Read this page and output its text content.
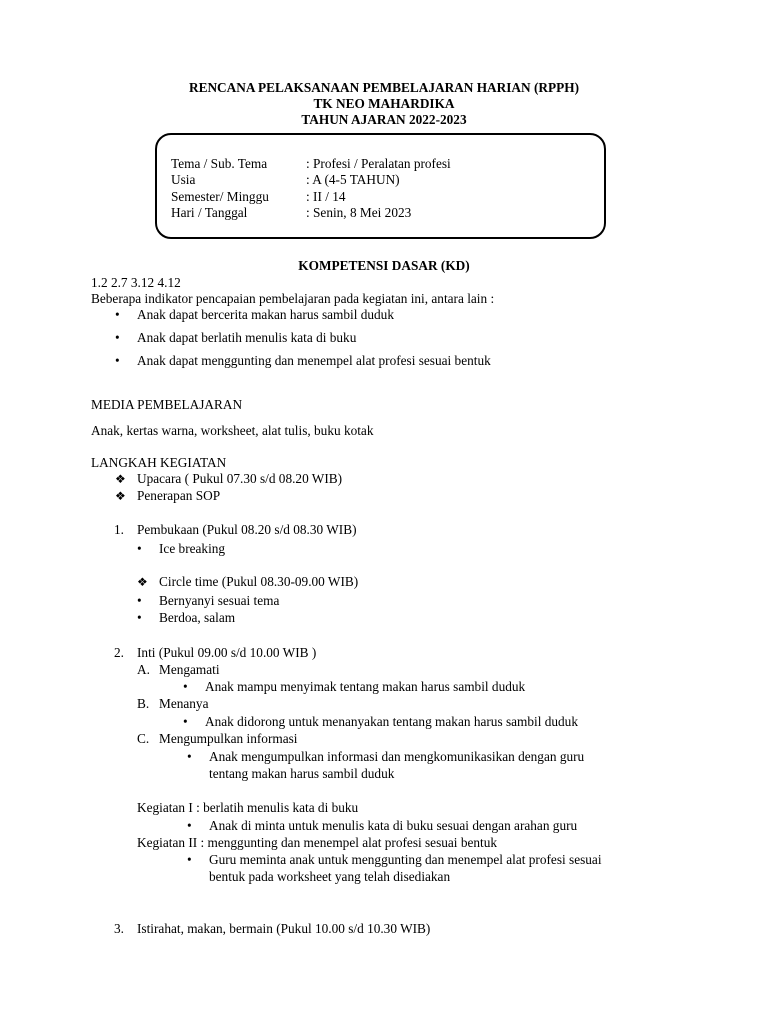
RENCANA PELAKSANAAN PEMBELAJARAN HARIAN (RPPH)
TK NEO MAHARDIKA
TAHUN AJARAN 2022-2023
Tema / Sub. Tema	: Profesi / Peralatan profesi
Usia	: A (4-5 TAHUN)
Semester/ Minggu	: II / 14
Hari / Tanggal	: Senin, 8 Mei 2023
KOMPETENSI DASAR (KD)
1.2 2.7 3.12 4.12
Beberapa indikator pencapaian pembelajaran pada kegiatan ini, antara lain :
• Anak dapat bercerita makan harus sambil duduk
• Anak dapat berlatih menulis kata di buku
• Anak dapat menggunting dan menempel alat profesi sesuai bentuk
MEDIA PEMBELAJARAN
Anak, kertas warna, worksheet, alat tulis, buku kotak
LANGKAH KEGIATAN
❖ Upacara ( Pukul 07.30 s/d 08.20 WIB)
❖ Penerapan SOP
1. Pembukaan (Pukul 08.20 s/d 08.30 WIB)
• Ice breaking
❖ Circle time (Pukul 08.30-09.00 WIB)
• Bernyanyi sesuai tema
• Berdoa, salam
2. Inti (Pukul 09.00 s/d 10.00 WIB )
A. Mengamati
• Anak mampu menyimak tentang makan harus sambil duduk
B. Menanya
• Anak didorong untuk menanyakan tentang makan harus sambil duduk
C. Mengumpulkan informasi
• Anak mengumpulkan informasi dan mengkomunikasikan dengan guru
tentang makan harus sambil duduk
Kegiatan I : berlatih menulis kata di buku
• Anak di minta untuk menulis kata di buku sesuai dengan arahan guru
Kegiatan II : menggunting dan menempel alat profesi sesuai bentuk
• Guru meminta anak untuk menggunting dan menempel alat profesi sesuai
bentuk pada worksheet yang telah disediakan
3. Istirahat, makan, bermain (Pukul 10.00 s/d 10.30 WIB)
